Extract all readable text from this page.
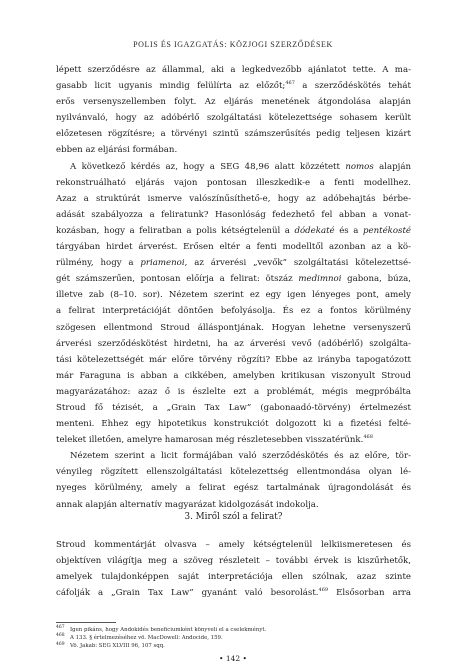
POLIS ÉS IGAZGATÁS: KÖZJOGI SZERZŐDÉSEK
lépett szerződésre az állammal, aki a legkedvezőbb ajánlatot tette. A ma-
gasabb licit ugyanis mindig felülírta az előzőt;$^{467}$ a szerződéskötés tehát
erős versenyszellemben folyt. Az eljárás menetének átgondolása alapján
nyilvánvaló, hogy az adóbérlő szolgáltatási kötelezettsége sohasem került
előzetesen rögzítésre; a törvényi szintű számszerűsítés pedig teljesen kizárt
ebben az eljárási formában.
A következő kérdés az, hogy a SEG 48,96 alatt közzétett nomos alapján
rekonstruálható eljárás vajon pontosan illeszkedik-e a fenti modellhez.
Azaz a struktúrát ismerve valószínűsíthető-e, hogy az adóbehajtás bérbe-
adását szabályozza a feliratunk? Hasonlóság fedezhető fel abban a vonat-
kozásban, hogy a feliratban a polis kétségtelenül a dódekaté és a pentékosté
tárgyában hirdet árverést. Erősen eltér a fenti modelltől azonban az a kö-
rülmény, hogy a priamenoi, az árverési „vevők” szolgáltatási kötelezettsé-
gét számszerűen, pontosan előírja a felirat: ötszáz medimnoi gabona, búza,
illetve zab (8–10. sor). Nézetem szerint ez egy igen lényeges pont, amely
a felirat interpretációját döntően befolyásolja. És ez a fontos körülmény
szögesen ellentmond Stroud álláspontjának. Hogyan lehetne versenyszerű
árverési szerződéskötést hirdetni, ha az árverési vevő (adóbérlő) szolgálta-
tási kötelezettségét már előre törvény rögzíti? Ebbe az irányba tapogatózott
már Faraguna is abban a cikkében, amelyben kritikusan viszonyult Stroud
magyarázatához: azaz ő is észlelte ezt a problémát, mégis megpróbálta
Stroud fő tézisét, a „Grain Tax Law” (gabonaadó-törvény) értelmezést
menteni. Ehhez egy hipotetikus konstrukciót dolgozott ki a fizetési felté-
teleket illetően, amelyre hamarosan még részletesebben visszatérünk.$^{468}$
Nézetem szerint a licit formájában való szerződéskötés és az előre, tör-
vényileg rögzített ellenszolgáltatási kötelezettség ellentmondása olyan lé-
nyeges körülmény, amely a felirat egész tartalmának újragondolását és
annak alapján alternatív magyarázat kidolgozását indokolja.
3. Miről szól a felirat?
Stroud kommentárját olvasva – amely kétségtelenül lelkiismeretesen és
objektíven világítja meg a szöveg részleteit – további érvek is kiszűrhetők,
amelyek tulajdonképpen saját interpretációja ellen szólnak, azaz szinte
cáfolják a „Grain Tax Law” gyanánt való besorolást.$^{469}$ Elsősorban arra
467 Igen pikáns, hogy Andokidés beneficiumként könyveli el a cselekményt.
468 A 133. § értelmezéséhez vö. MacDowell: Andocide, 159.
469 Vö. Jakab: SEG XLVIII 96, 107 sqq.
• 142 •
